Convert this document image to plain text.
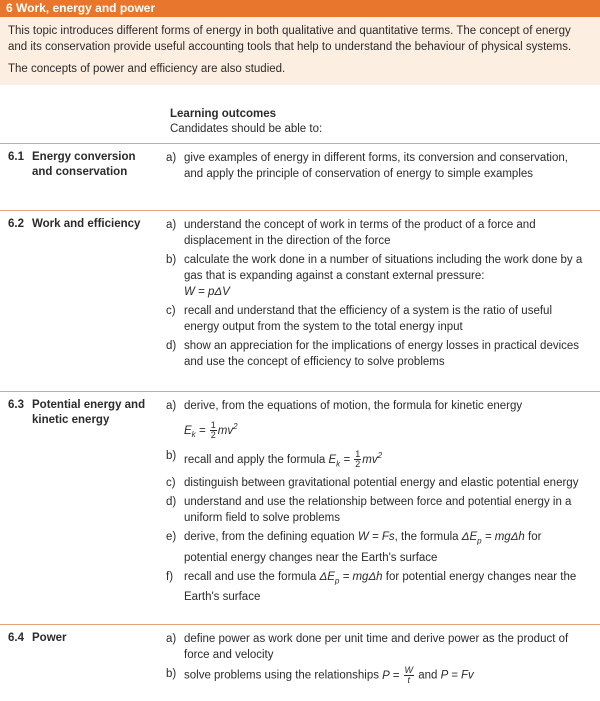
6 Work, energy and power

This topic introduces different forms of energy in both qualitative and quantitative terms. The concept of energy and its conservation provide useful accounting tools that help to understand the behaviour of physical systems.

The concepts of power and efficiency are also studied.

Learning outcomes
Candidates should be able to:
6.1 Energy conversion and conservation
a) give examples of energy in different forms, its conversion and conservation, and apply the principle of conservation of energy to simple examples
6.2 Work and efficiency	a) understand the concept of work in terms of the product of a force and displacement in the direction of the force
b) calculate the work done in a number of situations including the work done by a gas that is expanding against a constant external pressure:
W = pΔV
c) recall and understand that the efficiency of a system is the ratio of useful energy output from the system to the total energy input
d) show an appreciation for the implications of energy losses in practical devices and use the concept of efficiency to solve problems
6.3 Potential energy and kinetic energy
a) derive, from the equations of motion, the formula for kinetic energy
$E_k = \frac{1}{2} mv^2$
b) recall and apply the formula $E_k = \frac{1}{2} mv^2$
c) distinguish between gravitational potential energy and elastic potential energy
d) understand and use the relationship between force and potential energy in a uniform field to solve problems
e) derive, from the defining equation W = Fs, the formula $\Delta E_p = mg\Delta h$ for potential energy changes near the Earth's surface
f) recall and use the formula $\Delta E_p = mg\Delta h$ for potential energy changes near the Earth's surface
6.4 Power	a) define power as work done per unit time and derive power as the product of force and velocity
b) solve problems using the relationships $P = \frac{W}{t}$ and P = Fv
